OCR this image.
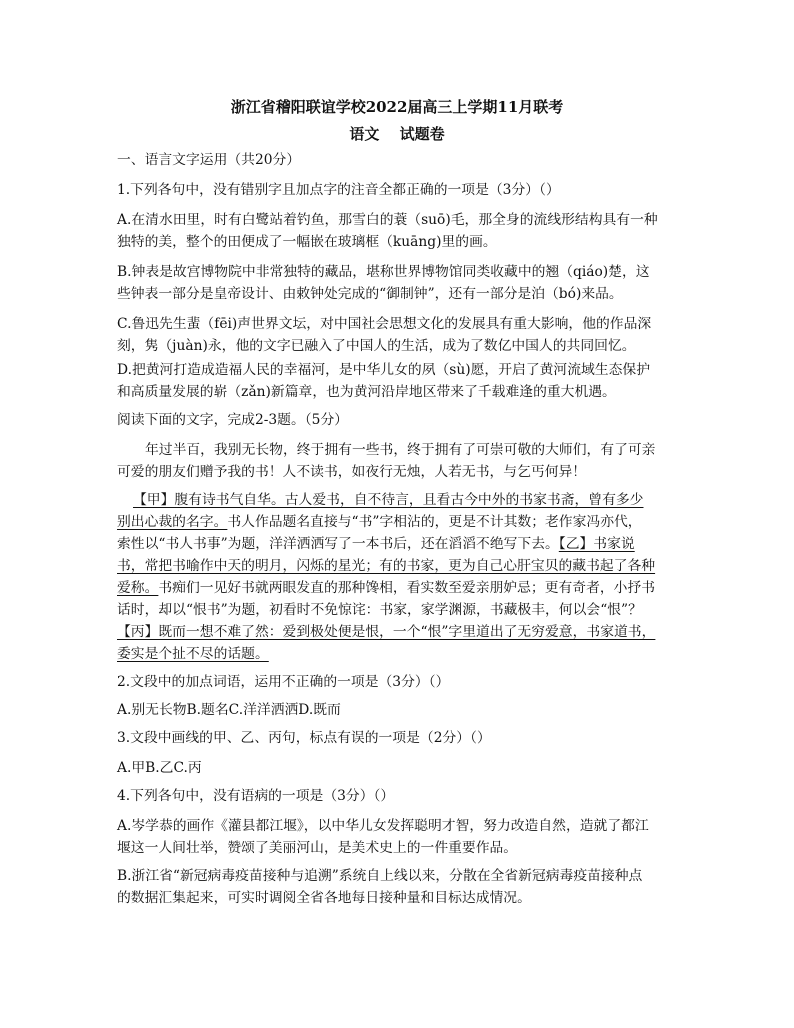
浙江省稽阳联谊学校2022届高三上学期11月联考
语文　 试题卷
一、语言文字运用（共20分）
1.下列各句中，没有错别字且加点字的注音全都正确的一项是（3分）（）
A.在清水田里，时有白鹭站着钓鱼，那雪白的蓑（suō)毛，那全身的流线形结构具有一种
独特的美，整个的田便成了一幅嵌在玻璃框（kuāng)里的画。
B.钟表是故宫博物院中非常独特的藏品，堪称世界博物馆同类收藏中的翘（qiáo)楚，这
些钟表一部分是皇帝设计、由敕钟处完成的“御制钟”，还有一部分是泊（bó)来品。
C.鲁迅先生蜚（fēi)声世界文坛，对中国社会思想文化的发展具有重大影响，他的作品深
刻，隽（juàn)永，他的文字已融入了中国人的生活，成为了数亿中国人的共同回忆。
D.把黄河打造成造福人民的幸福河，是中华儿女的夙（sù)愿，开启了黄河流域生态保护
和高质量发展的崭（zǎn)新篇章，也为黄河沿岸地区带来了千载难逢的重大机遇。
阅读下面的文字，完成2-3题。（5分）
年过半百，我别无长物，终于拥有一些书，终于拥有了可崇可敬的大师们，有了可亲
可爱的朋友们赠予我的书！人不读书，如夜行无烛，人若无书，与乞丐何异！
【甲】腹有诗书气自华。古人爱书，自不待言，且看古今中外的书家书斋，曾有多少
别出心裁的名字。书人作品题名直接与“书”字相沾的，更是不计其数；老作家冯亦代，
索性以“书人书事”为题，洋洋洒洒写了一本书后，还在滔滔不绝写下去。【乙】书家说
书，常把书喻作中天的明月，闪烁的星光；有的书家，更为自己心肝宝贝的藏书起了各种
爱称。书痴们一见好书就两眼发直的那种馋相，看实数至爱亲朋妒忌；更有奇者，小抒书
话时，却以“恨书”为题，初看时不免惊诧：书家，家学渊源，书藏极丰，何以会“恨”？
【丙】既而一想不难了然：爱到极处便是恨，一个“恨”字里道出了无穷爱意，书家道书，
委实是个扯不尽的话题。
2.文段中的加点词语，运用不正确的一项是（3分）（）
A.别无长物B.题名C.洋洋洒洒D.既而
3.文段中画线的甲、乙、丙句，标点有误的一项是（2分）（）
A.甲B.乙C.丙
4.下列各句中，没有语病的一项是（3分）（）
A.岑学恭的画作《灌县都江堰》，以中华儿女发挥聪明才智，努力改造自然，造就了都江
堰这一人间壮举，赞颂了美丽河山，是美术史上的一件重要作品。
B.浙江省“新冠病毒疫苗接种与追溯”系统自上线以来，分散在全省新冠病毒疫苗接种点
的数据汇集起来，可实时调阅全省各地每日接种量和目标达成情况。
